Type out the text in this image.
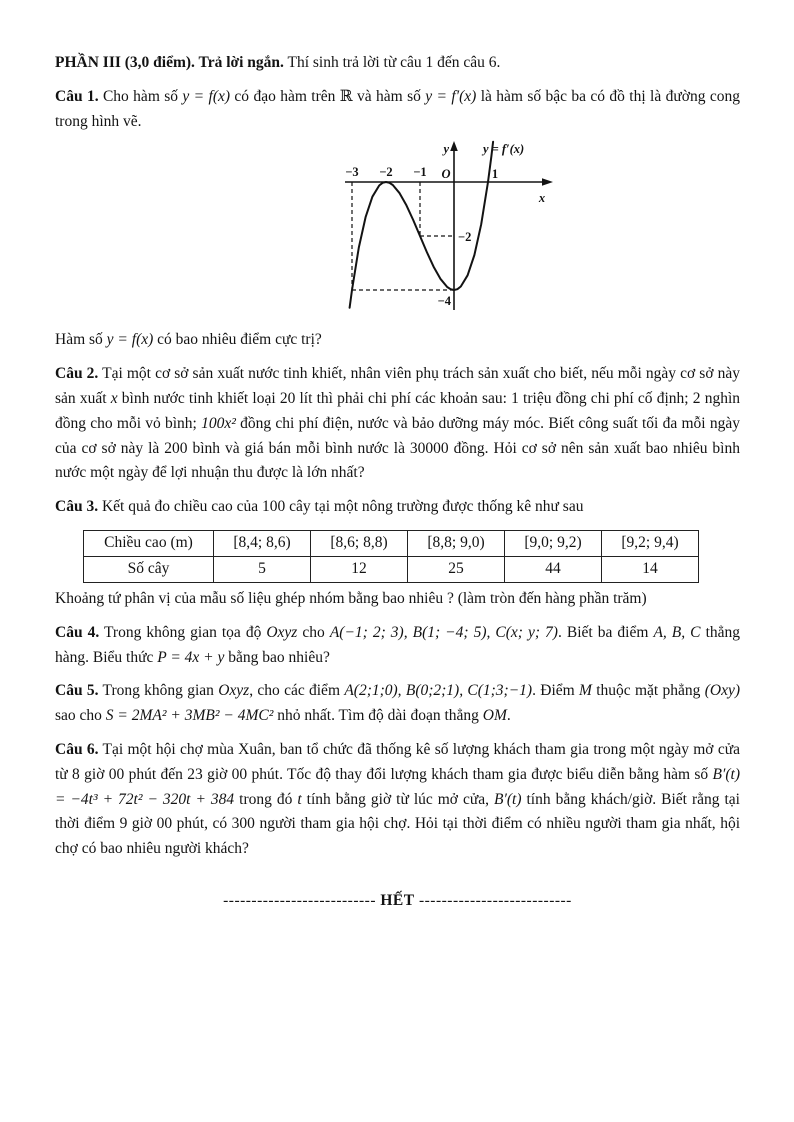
PHẦN III (3,0 điểm). Trả lời ngắn. Thí sinh trả lời từ câu 1 đến câu 6.

Câu 1. Cho hàm số y = f(x) có đạo hàm trên ℝ và hàm số y = f′(x) là hàm số bậc ba có đồ thị là đường cong trong hình vẽ.

y	y = f′(x)
x
O
−3 −2 −1	1
−2
−4

Hàm số y = f(x) có bao nhiêu điểm cực trị?

Câu 2. Tại một cơ sở sản xuất nước tinh khiết, nhân viên phụ trách sản xuất cho biết, nếu mỗi ngày cơ sở này sản xuất x bình nước tinh khiết loại 20 lít thì phải chi phí các khoản sau: 1 triệu đồng chi phí cố định; 2 nghìn đồng cho mỗi vỏ bình; 100x² đồng chi phí điện, nước và bảo dưỡng máy móc. Biết công suất tối đa mỗi ngày của cơ sở này là 200 bình và giá bán mỗi bình nước là 30000 đồng. Hỏi cơ sở nên sản xuất bao nhiêu bình nước một ngày để lợi nhuận thu được là lớn nhất?

Câu 3. Kết quả đo chiều cao của 100 cây tại một nông trường được thống kê như sau

Chiều cao (m)	[8,4; 8,6)	[8,6; 8,8)	[8,8; 9,0)	[9,0; 9,2)	[9,2; 9,4)
Số cây	5	12	25	44	14

Khoảng tứ phân vị của mẫu số liệu ghép nhóm bằng bao nhiêu ? (làm tròn đến hàng phần trăm)

Câu 4. Trong không gian tọa độ Oxyz cho A(−1; 2; 3), B(1; −4; 5), C(x; y; 7). Biết ba điểm A, B, C thẳng hàng. Biểu thức P = 4x + y bằng bao nhiêu?

Câu 5. Trong không gian Oxyz, cho các điểm A(2;1;0), B(0;2;1), C(1;3;−1). Điểm M thuộc mặt phẳng (Oxy) sao cho S = 2MA² + 3MB² − 4MC² nhỏ nhất. Tìm độ dài đoạn thẳng OM.

Câu 6. Tại một hội chợ mùa Xuân, ban tổ chức đã thống kê số lượng khách tham gia trong một ngày mở cửa từ 8 giờ 00 phút đến 23 giờ 00 phút. Tốc độ thay đổi lượng khách tham gia được biểu diễn bằng hàm số B′(t) = −4t³ + 72t² − 320t + 384 trong đó t tính bằng giờ từ lúc mở cửa, B′(t) tính bằng khách/giờ. Biết rằng tại thời điểm 9 giờ 00 phút, có 300 người tham gia hội chợ. Hỏi tại thời điểm có nhiều người tham gia nhất, hội chợ có bao nhiêu người khách?

--------------------------- HẾT ---------------------------
